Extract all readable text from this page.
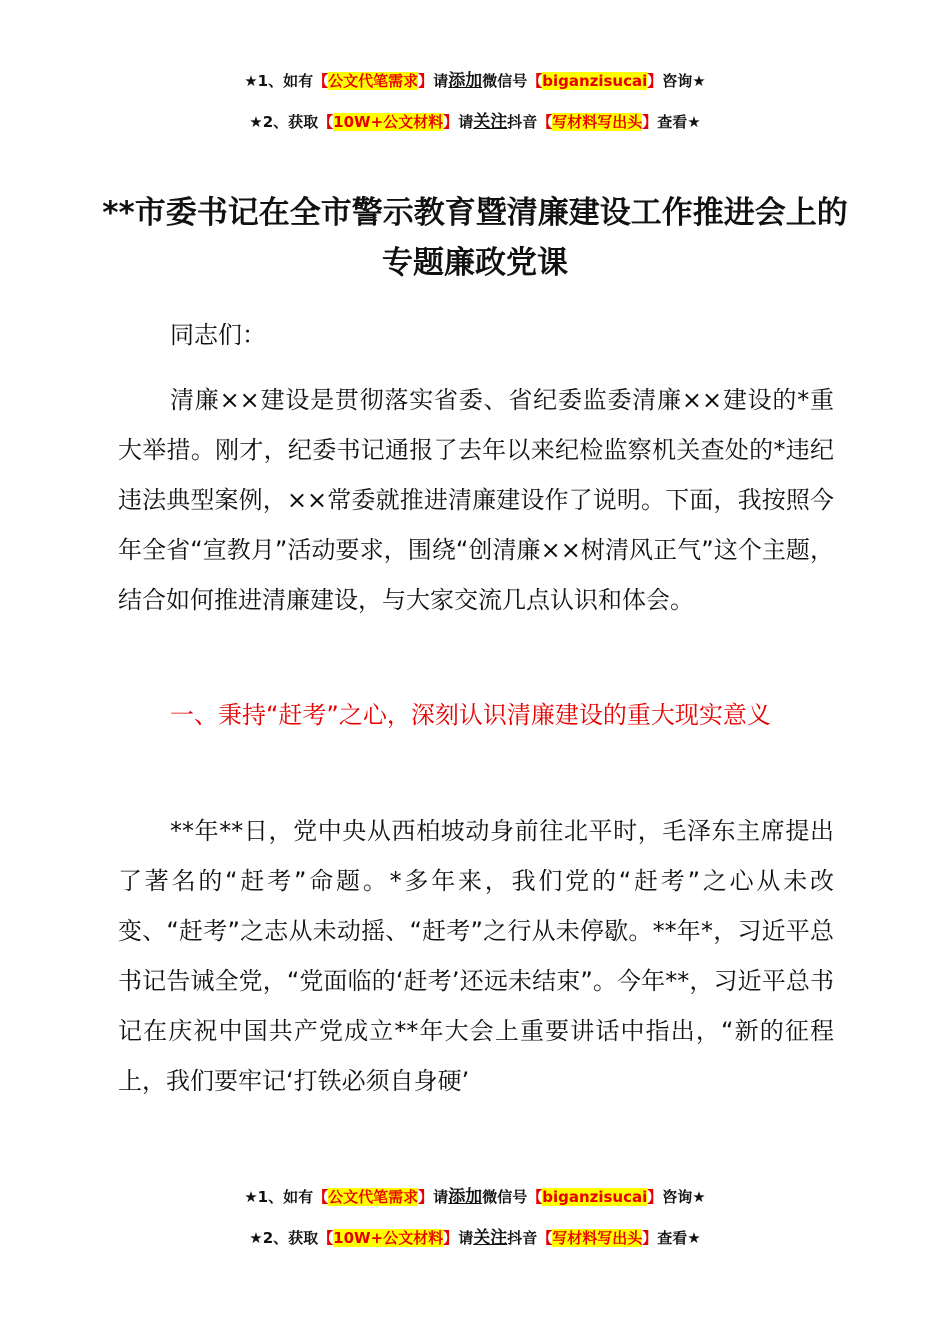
★1、如有【公文代笔需求】请添加微信号【biganzisucai】咨询★
★2、获取【10W+公文材料】请关注抖音【写材料写出头】查看★
**市委书记在全市警示教育暨清廉建设工作推进会上的专题廉政党课
同志们：
清廉××建设是贯彻落实省委、省纪委监委清廉××建设的*重大举措。刚才，纪委书记通报了去年以来纪检监察机关查处的*违纪违法典型案例，××常委就推进清廉建设作了说明。下面，我按照今年全省“宣教月”活动要求，围绕“创清廉××树清风正气”这个主题，结合如何推进清廉建设，与大家交流几点认识和体会。
一、秉持“赶考”之心，深刻认识清廉建设的重大现实意义
**年**日，党中央从西柏坡动身前往北平时，毛泽东主席提出了著名的“赶考”命题。*多年来，我们党的“赶考”之心从未改变、“赶考”之志从未动摇、“赶考”之行从未停歇。**年*，习近平总书记告诫全党，“党面临的‘赶考’还远未结束”。今年**，习近平总书记在庆祝中国共产党成立**年大会上重要讲话中指出，“新的征程上，我们要牢记‘打铁必须自身硬’
★1、如有【公文代笔需求】请添加微信号【biganzisucai】咨询★
★2、获取【10W+公文材料】请关注抖音【写材料写出头】查看★
